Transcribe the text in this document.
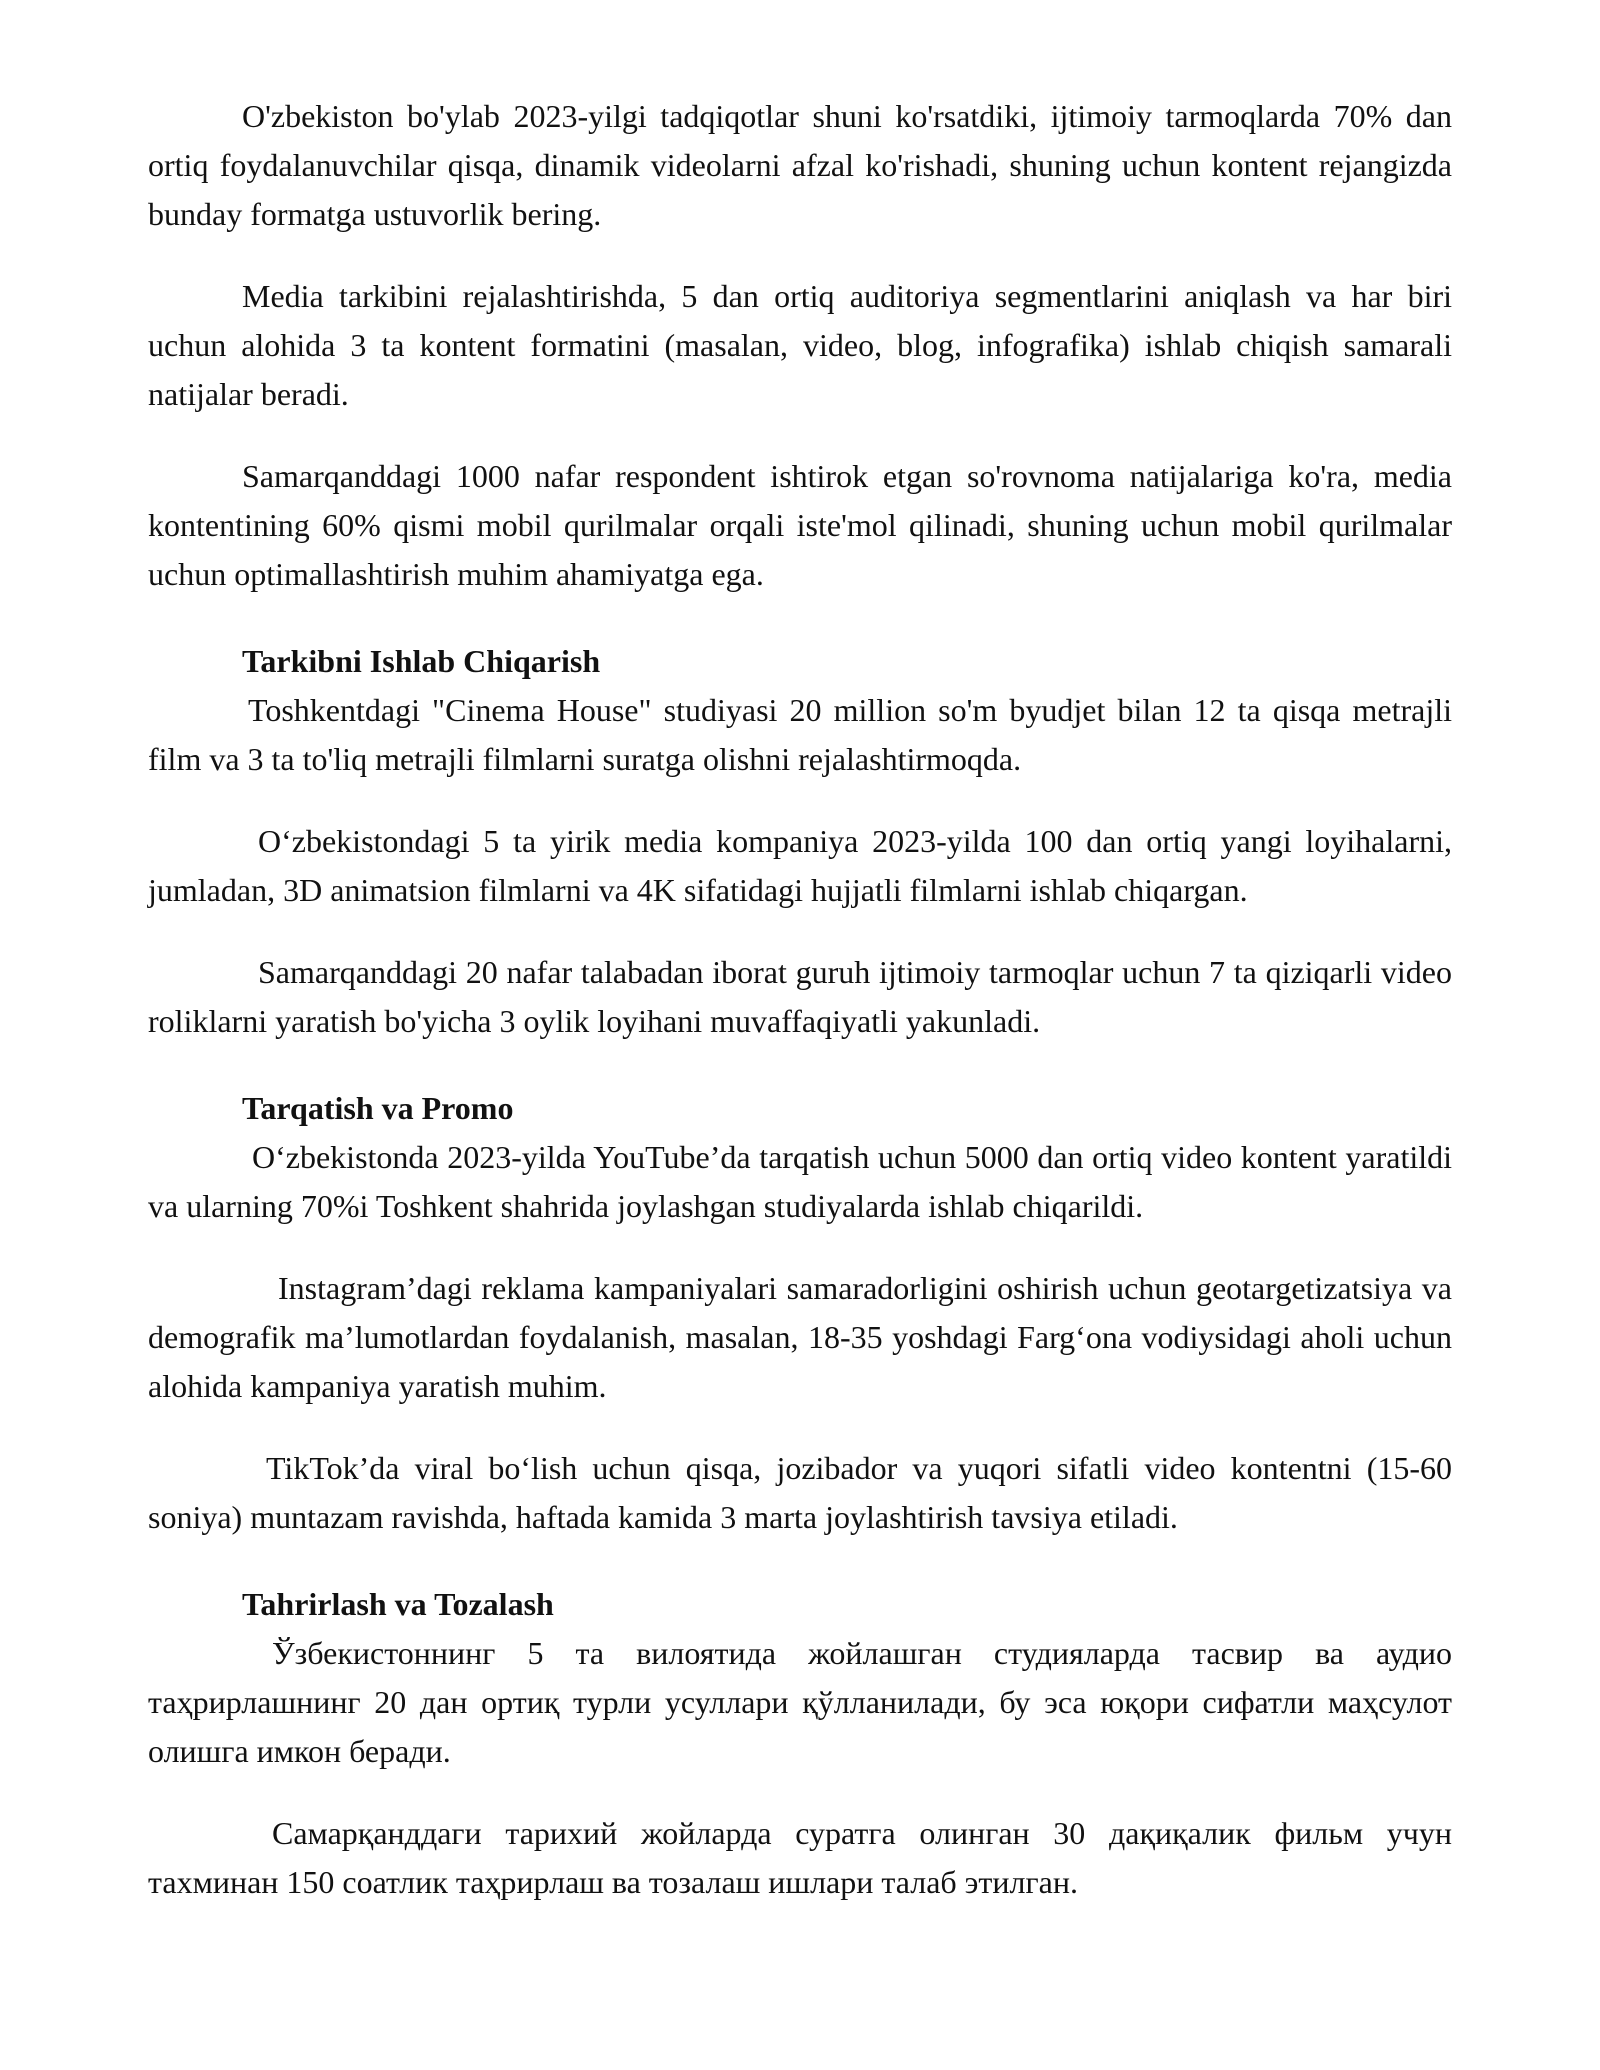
O'zbekiston bo'ylab 2023-yilgi tadqiqotlar shuni ko'rsatdiki, ijtimoiy tarmoqlarda 70% dan ortiq foydalanuvchilar qisqa, dinamik videolarni afzal ko'rishadi, shuning uchun kontent rejangizda bunday formatga ustuvorlik bering.

Media tarkibini rejalashtirishda, 5 dan ortiq auditoriya segmentlarini aniqlash va har biri uchun alohida 3 ta kontent formatini (masalan, video, blog, infografika) ishlab chiqish samarali natijalar beradi.

Samarqanddagi 1000 nafar respondent ishtirok etgan so'rovnoma natijalariga ko'ra, media kontentining 60% qismi mobil qurilmalar orqali iste'mol qilinadi, shuning uchun mobil qurilmalar uchun optimallashtirish muhim ahamiyatga ega.

Tarkibni Ishlab Chiqarish

Toshkentdagi "Cinema House" studiyasi 20 million so'm byudjet bilan 12 ta qisqa metrajli film va 3 ta to'liq metrajli filmlarni suratga olishni rejalashtirmoqda.

O‘zbekistondagi 5 ta yirik media kompaniya 2023-yilda 100 dan ortiq yangi loyihalarni, jumladan, 3D animatsion filmlarni va 4K sifatidagi hujjatli filmlarni ishlab chiqargan.

Samarqanddagi 20 nafar talabadan iborat guruh ijtimoiy tarmoqlar uchun 7 ta qiziqarli video roliklarni yaratish bo'yicha 3 oylik loyihani muvaffaqiyatli yakunladi.

Tarqatish va Promo

O‘zbekistonda 2023-yilda YouTube’da tarqatish uchun 5000 dan ortiq video kontent yaratildi va ularning 70%i Toshkent shahrida joylashgan studiyalarda ishlab chiqarildi.

Instagram’dagi reklama kampaniyalari samaradorligini oshirish uchun geotargetizatsiya va demografik ma’lumotlardan foydalanish, masalan, 18-35 yoshdagi Farg‘ona vodiysidagi aholi uchun alohida kampaniya yaratish muhim.

TikTok’da viral bo‘lish uchun qisqa, jozibador va yuqori sifatli video kontentni (15-60 soniya) muntazam ravishda, haftada kamida 3 marta joylashtirish tavsiya etiladi.

Tahrirlash va Tozalash

Ўзбекистоннинг 5 та вилоятида жойлашган студияларда тасвир ва аудио таҳрирлашнинг 20 дан ортиқ турли усуллари қўлланилади, бу эса юқори сифатли маҳсулот олишга имкон беради.

Самарқанддаги тарихий жойларда суратга олинган 30 дақиқалик фильм учун тахминан 150 соатлик таҳрирлаш ва тозалаш ишлари талаб этилган.
